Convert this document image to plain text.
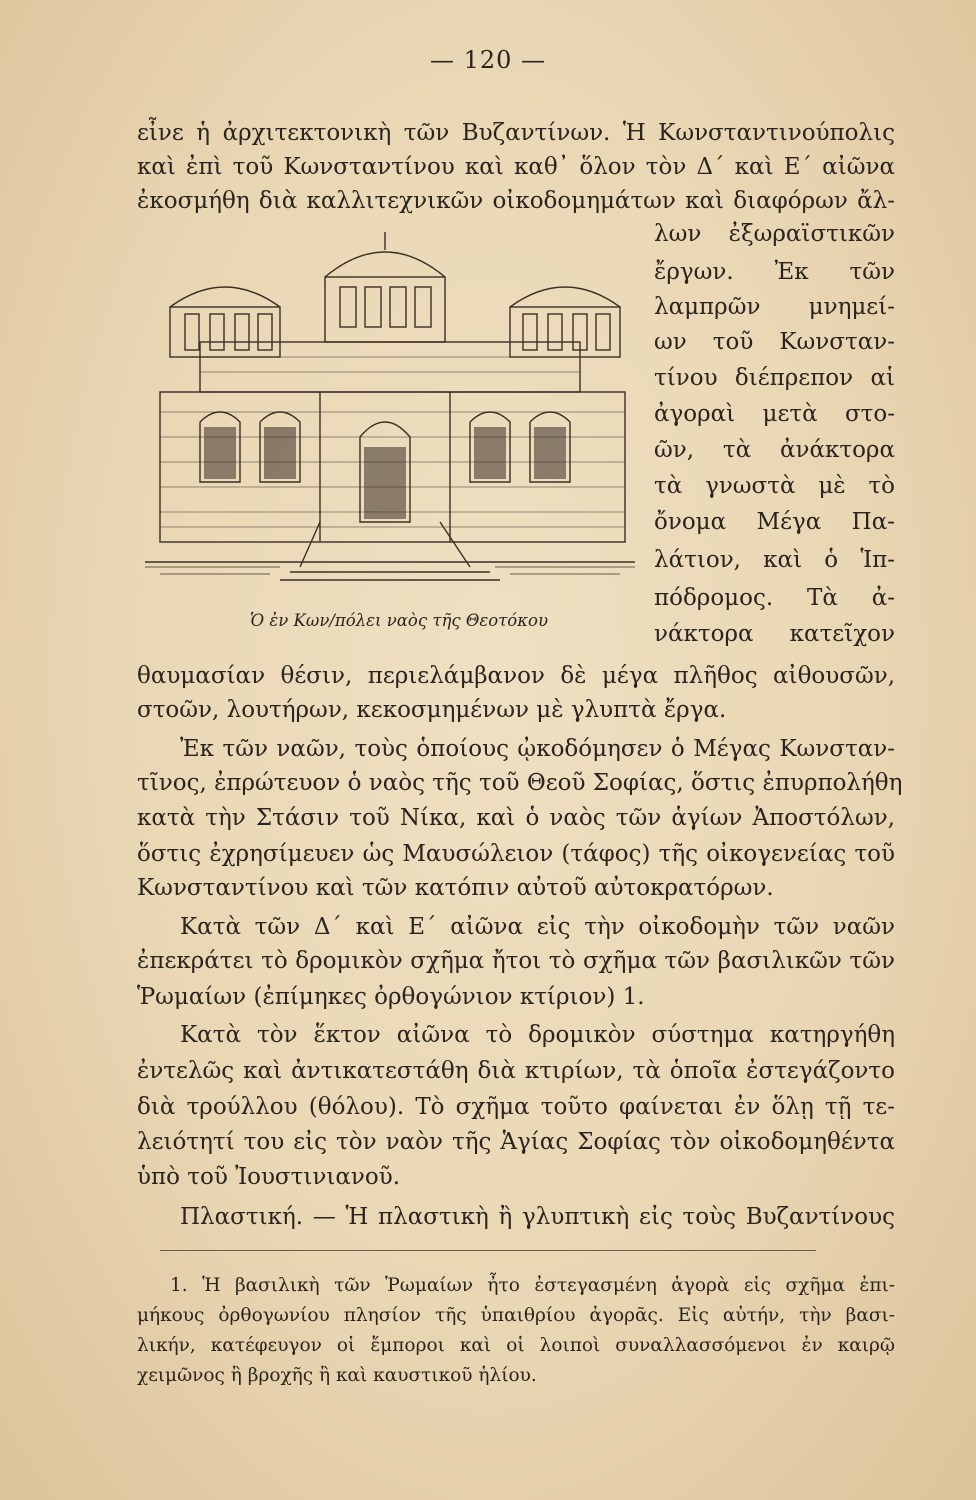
— 120 —
εἶνε ἡ ἀρχιτεκτονικὴ τῶν Βυζαντίνων. Ἡ Κωνσταντινούπολις
καὶ ἐπὶ τοῦ Κωνσταντίνου καὶ καθ᾿ ὅλον τὸν Δ΄ καὶ Ε΄ αἰῶνα
ἐκοσμήθη διὰ καλλιτεχνικῶν οἰκοδομημάτων καὶ διαφόρων ἄλ-
Ὁ ἐν Κων/πόλει ναὸς τῆς Θεοτόκου
λων ἐξωραϊστικῶν
ἔργων. Ἐκ τῶν
λαμπρῶν μνημεί-
ων τοῦ Κωνσταν-
τίνου διέπρεπον αἱ
ἀγοραὶ μετὰ στο-
ῶν, τὰ ἀνάκτορα
τὰ γνωστὰ μὲ τὸ
ὄνομα Μέγα Πα-
λάτιον, καὶ ὁ Ἱπ-
πόδρομος. Τὰ ἀ-
νάκτορα κατεῖχον
θαυμασίαν θέσιν, περιελάμβανον δὲ μέγα πλῆθος αἰθουσῶν,
στοῶν, λουτήρων, κεκοσμημένων μὲ γλυπτὰ ἔργα.
Ἐκ τῶν ναῶν, τοὺς ὁποίους ᾠκοδόμησεν ὁ Μέγας Κωνσταν-
τῖνος, ἐπρώτευον ὁ ναὸς τῆς τοῦ Θεοῦ Σοφίας, ὅστις ἐπυρπολήθη
κατὰ τὴν Στάσιν τοῦ Νίκα, καὶ ὁ ναὸς τῶν ἁγίων Ἀποστόλων,
ὅστις ἐχρησίμευεν ὡς Μαυσώλειον (τάφος) τῆς οἰκογενείας τοῦ
Κωνσταντίνου καὶ τῶν κατόπιν αὐτοῦ αὐτοκρατόρων.
Κατὰ τῶν Δ΄ καὶ Ε΄ αἰῶνα εἰς τὴν οἰκοδομὴν τῶν ναῶν
ἐπεκράτει τὸ δρομικὸν σχῆμα ἤτοι τὸ σχῆμα τῶν βασιλικῶν τῶν
Ῥωμαίων (ἐπίμηκες ὀρθογώνιον κτίριον) 1.
Κατὰ τὸν ἕκτον αἰῶνα τὸ δρομικὸν σύστημα κατηργήθη
ἐντελῶς καὶ ἀντικατεστάθη διὰ κτιρίων, τὰ ὁποῖα ἐστεγάζοντο
διὰ τρούλλου (θόλου). Τὸ σχῆμα τοῦτο φαίνεται ἐν ὅλῃ τῇ τε-
λειότητί του εἰς τὸν ναὸν τῆς Ἁγίας Σοφίας τὸν οἰκοδομηθέντα
ὑπὸ τοῦ Ἰουστινιανοῦ.
Πλαστική. — Ἡ πλαστικὴ ἢ γλυπτικὴ εἰς τοὺς Βυζαντίνους
1. Ἡ βασιλικὴ τῶν Ῥωμαίων ἦτο ἐστεγασμένη ἀγορὰ εἰς σχῆμα ἐπι-
μήκους ὀρθογωνίου πλησίον τῆς ὑπαιθρίου ἀγορᾶς. Εἰς αὐτήν, τὴν βασι-
λικήν, κατέφευγον οἱ ἔμποροι καὶ οἱ λοιποὶ συναλλασσόμενοι ἐν καιρῷ
χειμῶνος ἢ βροχῆς ἢ καὶ καυστικοῦ ἡλίου.
